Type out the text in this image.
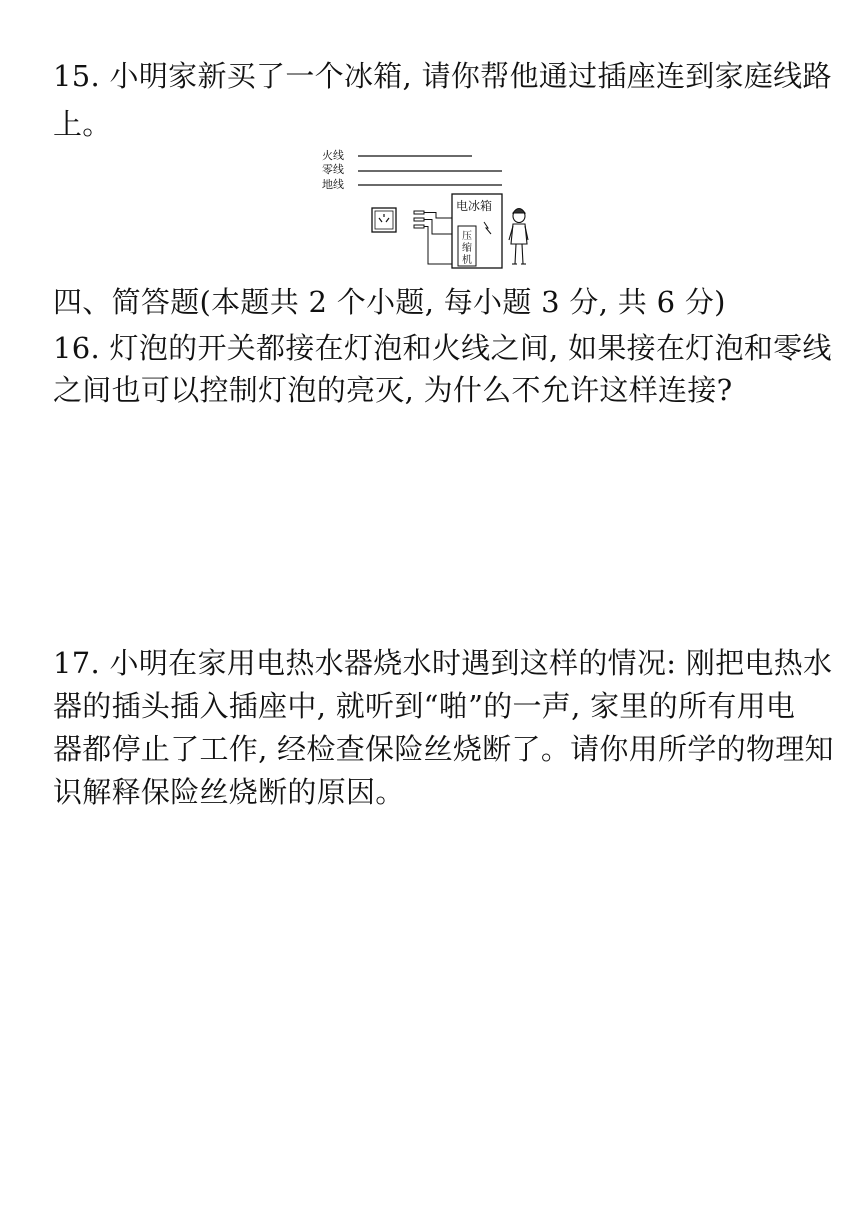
15. 小明家新买了一个冰箱, 请你帮他通过插座连到家庭线路
上。
火线
零线
地线
电冰箱
压
缩
机
四、简答题(本题共 2 个小题, 每小题 3 分, 共 6 分)
16. 灯泡的开关都接在灯泡和火线之间, 如果接在灯泡和零线
之间也可以控制灯泡的亮灭, 为什么不允许这样连接?
17. 小明在家用电热水器烧水时遇到这样的情况: 刚把电热水
器的插头插入插座中, 就听到“啪”的一声, 家里的所有用电
器都停止了工作, 经检查保险丝烧断了。请你用所学的物理知
识解释保险丝烧断的原因。
